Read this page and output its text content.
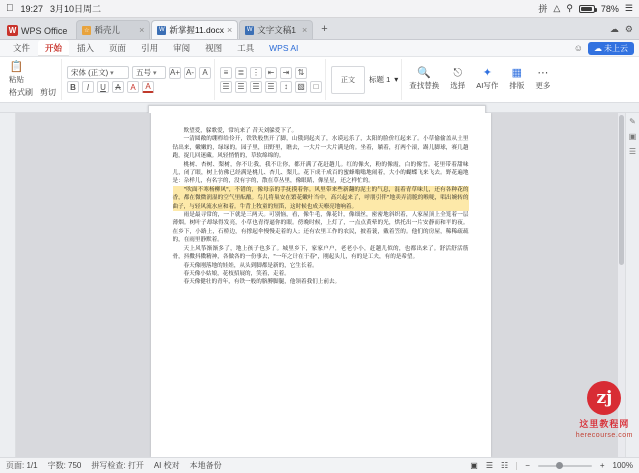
19:27 3月10日周二	拼 △ ⚲	78% ☰
W WPS Office	☆ 稻壳儿	× W 新掌握11.docx × W 文字文稿1 ×	+	☁ ⚙
文件	开始	插入	页面	引用	审阅	视图	工具	WPS AI	☺ ☁ 未上云
📋
粘贴
格式刷 剪切
宋体 (正文) ▾	五号 ▾ A+ A-	A
B	I	U	A	A	A
≡	≣ ⋮ ⇤	⇥	⇅
☰ ☰ ☰ ☰	↕	▧	□
正文	标题 1 ▾
🔍
查找替换
⎋
选择
✦
AI写作
▦
排版
⋯
更多

欺望爱，躲歌爱，常坑来了 昔天刘躲爱下了。

一清圆敞的绷栉给伶开，铁铁般焦开了脚，山俄到起夹了，水谟远乐了，太阳的脸价红起来了。小草偷偷盖从土里钻出来，嫩嫩的，绿绿的。园子里，田野里，瞧去，一大片一大片满是的。坐着，躺着，打两个滚，踢儿脚球，赛几趟跑，捉几回迷藏。风轻悄悄的，草软绵绵的。

桃树、杏树、梨树，你不让我，我不让你，都开满了花赶趟儿。红的像火，粉的像霞，白的像雪。花里带着甜味儿，闭了眼，树上仿佛已经满是桃儿、杏儿、梨儿。花下成千成百的蜜蜂嗡嗡地闹着，大小的蝴蝶飞来飞去。野花遍地是：杂样儿，有名字的，没有字的，散在草丛里，像眼睛，像星星，还之样忙的。

"吹面不寒杨柳风"，不错的，像母亲的手抚摸着你。风里带来些新翻的泥土的气息，混着青草味儿，还有各种花的香，都在微微润湿的空气里酝酿。鸟儿将巢安在繁花嫩叶当中，高兴起来了，呼朋引伴"地卖弄清脆的喉咙，唱出婉转的曲子，与轻风流水应和着。牛背上牧童的短笛，这时候也成天嘹亮地响着。

雨是最寻常的，一下就是三两天。可别恼，看，像牛毛，像花针，像细丝，密密地斜织着，人家屋顶上全笼着一层薄烟。树叶子却绿得发亮，小草也青得逼你的眼。傍晚时候，上灯了，一点点黄晕的光，烘托出一片安静而和平的夜。在乡下，小路上，石桥边，有撑起伞慢慢走着的人；还有农里工作的农民，披着蓑，戴着笠的。他们的房屋，稀稀疏疏的，在雨里静默着。

天上风筝渐渐多了，地上孩子也多了。城里乡下，家家户户，老老小小，赶趟儿似的，也都出来了。舒活舒活筋骨，抖擞抖擞精神，各做各的一份事去，"一年之计在于春"，刚起头儿，有的是工夫，有的是希望。

春天像刚落地的娃娃，从头到脚都是新的，它生长着。

春天像小姑娘，花枝招展的，笑着，走着。

春天像健壮的青年，有铁一般的胳膊脚腿，他领着我们上前去。

✎
▣
☰
zj
这里教程网
herecourse.com
页面: 1/1 字数: 750 拼写检查: 打开 AI 校对 本地备份	▣ ☰ ☷ −	+ 100%
